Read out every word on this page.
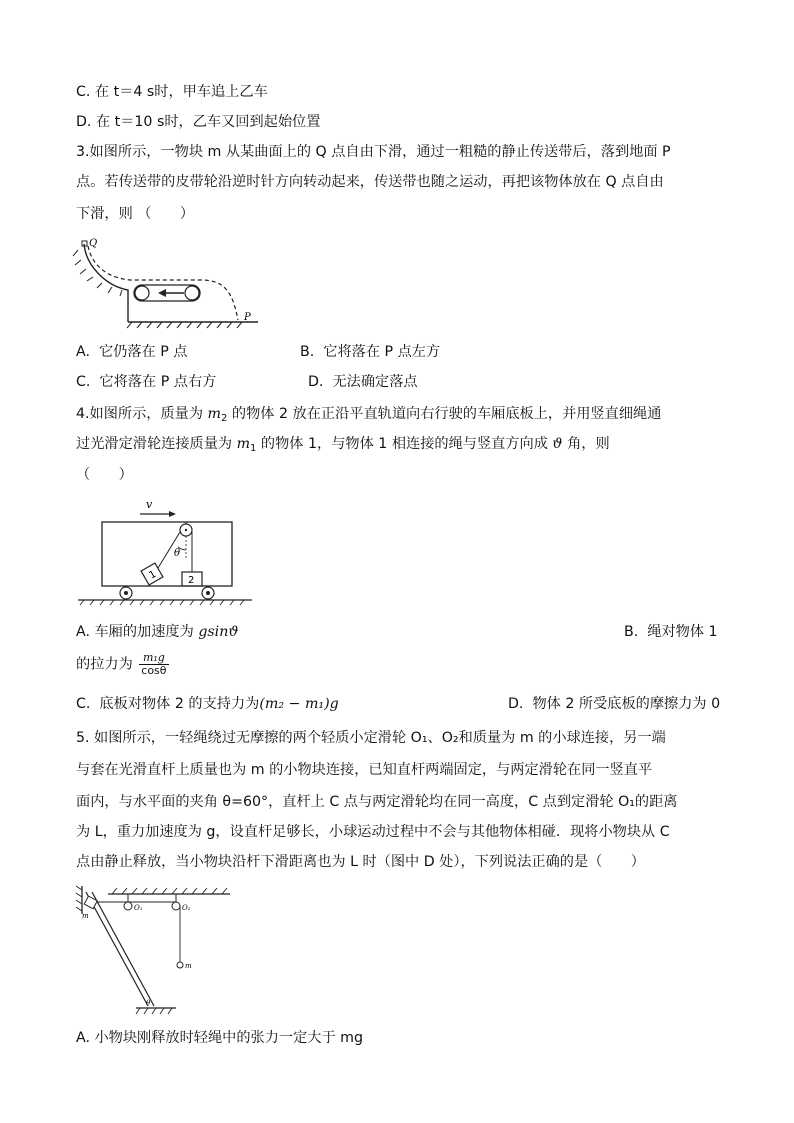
C. 在 t＝4 s时，甲车追上乙车
D. 在 t＝10 s时，乙车又回到起始位置
3.如图所示，一物块 m 从某曲面上的 Q 点自由下滑，通过一粗糙的静止传送带后，落到地面 P
点。若传送带的皮带轮沿逆时针方向转动起来，传送带也随之运动，再把该物体放在 Q 点自由
下滑，则 （　　）
Q
P
A.  它仍落在 P 点	B.  它将落在 P 点左方
C.  它将落在 P 点右方	D.  无法确定落点
4.如图所示，质量为 $m_2$ 的物体 2 放在正沿平直轨道向右行驶的车厢底板上，并用竖直细绳通
过光滑定滑轮连接质量为 $m_1$ 的物体 1，与物体 1 相连接的绳与竖直方向成 ϑ 角，则
（　　）
v
θ
1	2
A. 车厢的加速度为 gsinϑ	B.  绳对物体 1
的拉力为 $\frac{\text{m₁g}}{\cos\theta}$
C.  底板对物体 2 的支持力为(m₂ − m₁)g	D.  物体 2 所受底板的摩擦力为 0
5. 如图所示，一轻绳绕过无摩擦的两个轻质小定滑轮 O₁、O₂和质量为 m 的小球连接，另一端
与套在光滑直杆上质量也为 m 的小物块连接，已知直杆两端固定，与两定滑轮在同一竖直平
面内，与水平面的夹角 θ=60°，直杆上 C 点与两定滑轮均在同一高度，C 点到定滑轮 O₁的距离
为 L，重力加速度为 g，设直杆足够长，小球运动过程中不会与其他物体相碰．现将小物块从 C
点由静止释放，当小物块沿杆下滑距离也为 L 时（图中 D 处），下列说法正确的是（　　）
m
O₁	O₂
m
θ
A. 小物块刚释放时轻绳中的张力一定大于 mg
